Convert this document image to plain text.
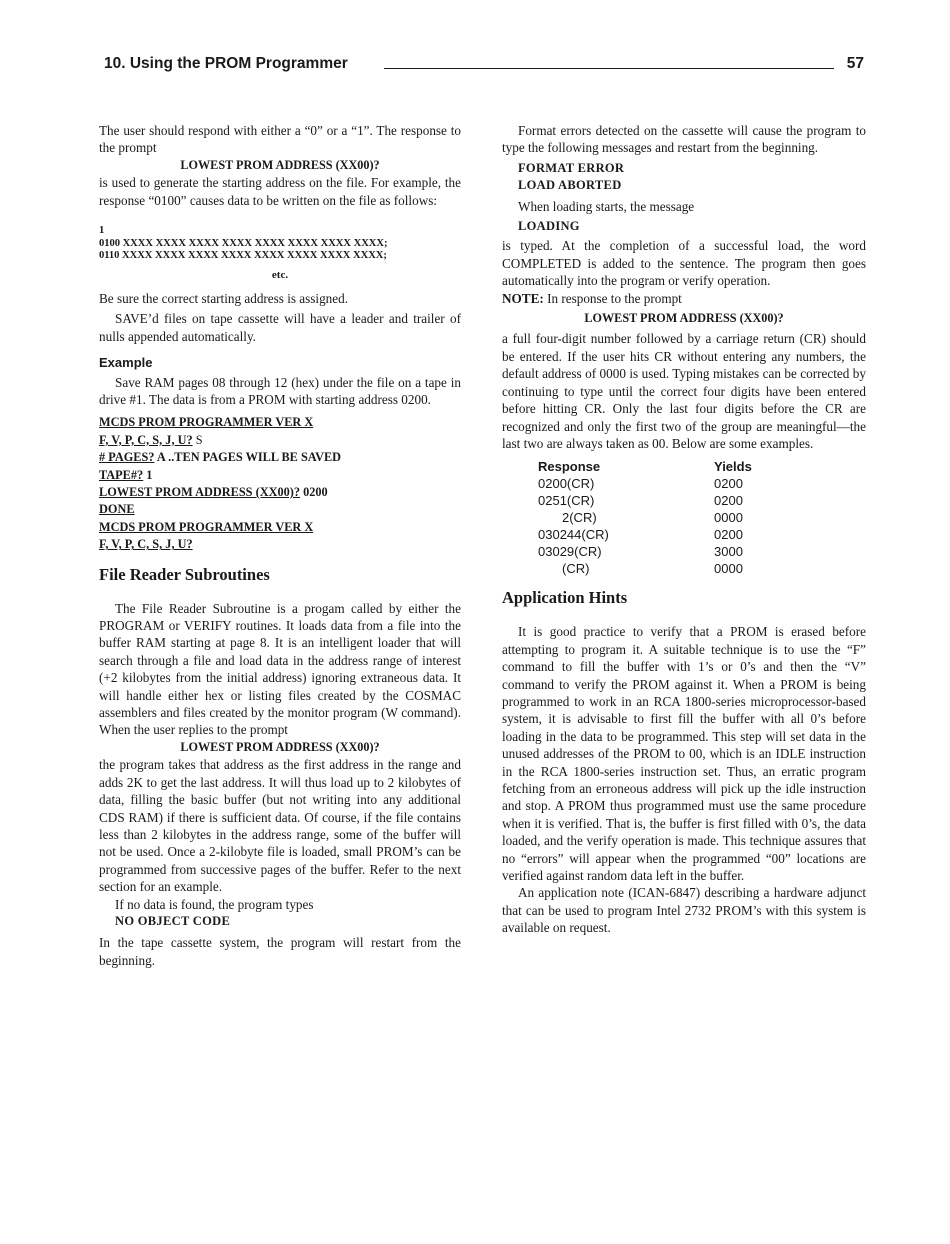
10. Using the PROM Programmer	57

The user should respond with either a “0” or a “1”. The response to the prompt

LOWEST PROM ADDRESS (XX00)?

is used to generate the starting address on the file. For example, the response “0100” causes data to be written on the file as follows:

1

0100 XXXX XXXX XXXX XXXX XXXX XXXX XXXX XXXX;

0110 XXXX XXXX XXXX XXXX XXXX XXXX XXXX XXXX;

etc.

Be sure the correct starting address is assigned.

SAVE’d files on tape cassette will have a leader and trailer of nulls appended automatically.

Example

Save RAM pages 08 through 12 (hex) under the file on a tape in drive #1. The data is from a PROM with starting address 0200.

MCDS PROM PROGRAMMER VER X

F, V, P, C, S, J, U? S

# PAGES? A ..TEN PAGES WILL BE SAVED

TAPE#? 1

LOWEST PROM ADDRESS (XX00)? 0200

DONE

MCDS PROM PROGRAMMER VER X

F, V, P, C, S, J, U?

File Reader Subroutines

The File Reader Subroutine is a progam called by either the PROGRAM or VERIFY routines. It loads data from a file into the buffer RAM starting at page 8. It is an intelligent loader that will search through a file and load data in the address range of interest (+2 kilobytes from the initial address) ignoring extraneous data. It will handle either hex or listing files created by the COSMAC assemblers and files created by the monitor program (W command). When the user replies to the prompt

LOWEST PROM ADDRESS (XX00)?

the program takes that address as the first address in the range and adds 2K to get the last address. It will thus load up to 2 kilobytes of data, filling the basic buffer (but not writing into any additional CDS RAM) if there is sufficient data. Of course, if the file contains less than 2 kilobytes in the address range, some of the buffer will not be used. Once a 2-kilobyte file is loaded, small PROM’s can be programmed from successive pages of the buffer. Refer to the next section for an example.

If no data is found, the program types

NO OBJECT CODE

In the tape cassette system, the program will restart from the beginning.

Format errors detected on the cassette will cause the program to type the following messages and restart from the beginning.

FORMAT ERROR

LOAD ABORTED

When loading starts, the message

LOADING

is typed. At the completion of a successful load, the word COMPLETED is added to the sentence. The program then goes automatically into the program or verify operation.

NOTE: In response to the prompt

LOWEST PROM ADDRESS (XX00)?

a full four-digit number followed by a carriage return (CR) should be entered. If the user hits CR without entering any numbers, the default address of 0000 is used. Typing mistakes can be corrected by continuing to type until the correct four digits have been entered before hitting CR. Only the last four digits before the CR are recognized and only the first two of the group are meaningful—the last two are always taken as 00. Below are some examples.

Response	Yields
0200(CR)	0200
0251(CR)	0200
2(CR)	0000
030244(CR)	0200
03029(CR)	3000
(CR)	0000

Application Hints

It is good practice to verify that a PROM is erased before attempting to program it. A suitable technique is to use the “F” command to fill the buffer with 1’s or 0’s and then the “V” command to verify the PROM against it. When a PROM is being programmed to work in an RCA 1800-series microprocessor-based system, it is advisable to first fill the buffer with all 0’s before loading in the data to be programmed. This step will set data in the unused addresses of the PROM to 00, which is an IDLE instruction in the RCA 1800-series instruction set. Thus, an erratic program fetching from an erroneous address will pick up the idle instruction and stop. A PROM thus programmed must use the same procedure when it is verified. That is, the buffer is first filled with 0’s, the data loaded, and the verify operation is made. This technique assures that no “errors” will appear when the programmed “00” locations are verified against random data left in the buffer.

An application note (ICAN-6847) describing a hardware adjunct that can be used to program Intel 2732 PROM’s with this system is available on request.
